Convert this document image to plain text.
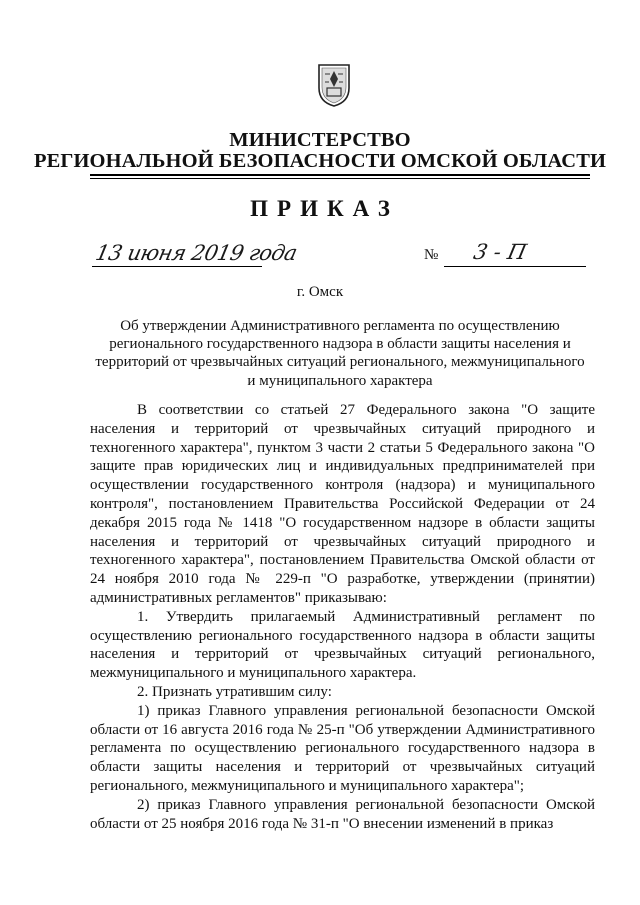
МИНИСТЕРСТВО
РЕГИОНАЛЬНОЙ БЕЗОПАСНОСТИ ОМСКОЙ ОБЛАСТИ
ПРИКАЗ
13 июня 2019 года	№ 3 - П
г. Омск
Об утверждении Административного регламента по осуществлению регионального государственного надзора в области защиты населения и территорий от чрезвычайных ситуаций регионального, межмуниципального и муниципального характера

В соответствии со статьей 27 Федерального закона "О защите населения и территорий от чрезвычайных ситуаций природного и техногенного характера", пунктом 3 части 2 статьи 5 Федерального закона "О защите прав юридических лиц и индивидуальных предпринимателей при осуществлении государственного контроля (надзора) и муниципального контроля", постановлением Правительства Российской Федерации от 24 декабря 2015 года № 1418 "О государственном надзоре в области защиты населения и территорий от чрезвычайных ситуаций природного и техногенного характера", постановлением Правительства Омской области от 24 ноября 2010 года № 229-п "О разработке, утверждении (принятии) административных регламентов" приказываю:

1. Утвердить прилагаемый Административный регламент по осуществлению регионального государственного надзора в области защиты населения и территорий от чрезвычайных ситуаций регионального, межмуниципального и муниципального характера.

2. Признать утратившим силу:

1) приказ Главного управления региональной безопасности Омской области от 16 августа 2016 года № 25-п "Об утверждении Административного регламента по осуществлению регионального государственного надзора в области защиты населения и территорий от чрезвычайных ситуаций регионального, межмуниципального и муниципального характера";

2) приказ Главного управления региональной безопасности Омской области от 25 ноября 2016 года № 31-п "О внесении изменений в приказ
